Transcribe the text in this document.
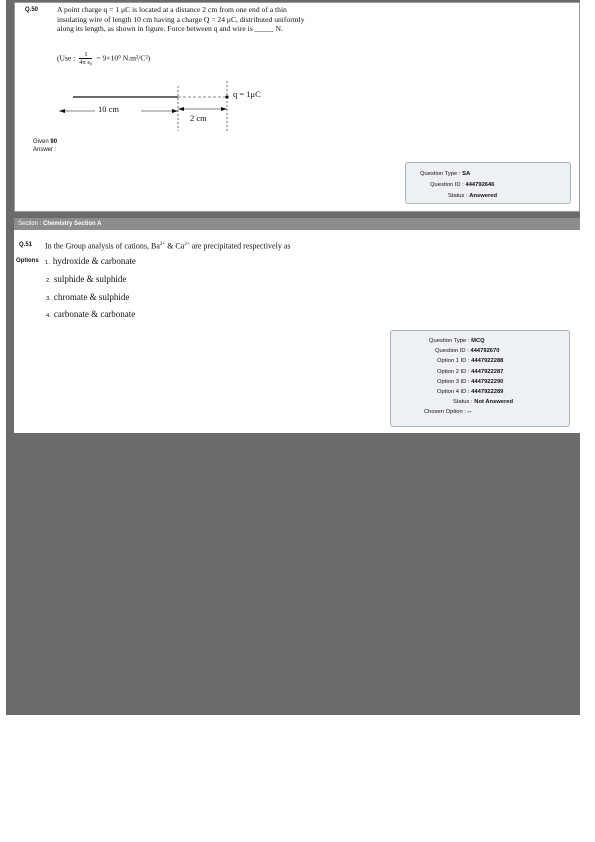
Q.50 A point charge q = 1 μC is located at a distance 2 cm from one end of a thin
insulating wire of length 10 cm having a charge Q = 24 μC, distributed uniformly
along its length, as shown in figure. Force between q and wire is _____ N.
(Use : $\frac{1}{\text{4π ε₀}} = 9\times 10^9$ N.m²/C²)
q = 1μC
10 cm
2 cm
Given 90
Answer :
Question Type : SA
Question ID : 444792646
Status : Answered
Section : Chemistry Section A
Q.51 In the Group analysis of cations, $Ba^{2+}$ & $Ca^{2+}$ are precipitated respectively as
Options 1. hydroxide & carbonate
2. sulphide & sulphide
3. chromate & sulphide
4. carbonate & carbonate
Question Type : MCQ
Question ID : 444792670
Option 1 ID : 4447922288
Option 2 ID : 4447922287
Option 3 ID : 4447922290
Option 4 ID : 4447922289
Status : Not Answered
Chosen Option : --
